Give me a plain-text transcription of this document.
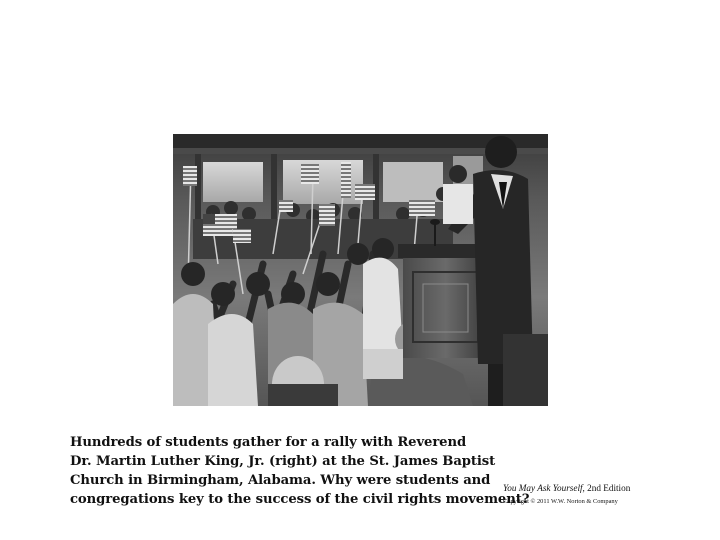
Hundreds of students gather for a rally with Reverend
Dr. Martin Luther King, Jr. (right) at the St. James Baptist
Church in Birmingham, Alabama. Why were students and
congregations key to the success of the civil rights movement?
You May Ask Yourself, 2nd Edition
Copyright © 2011 W.W. Norton & Company
